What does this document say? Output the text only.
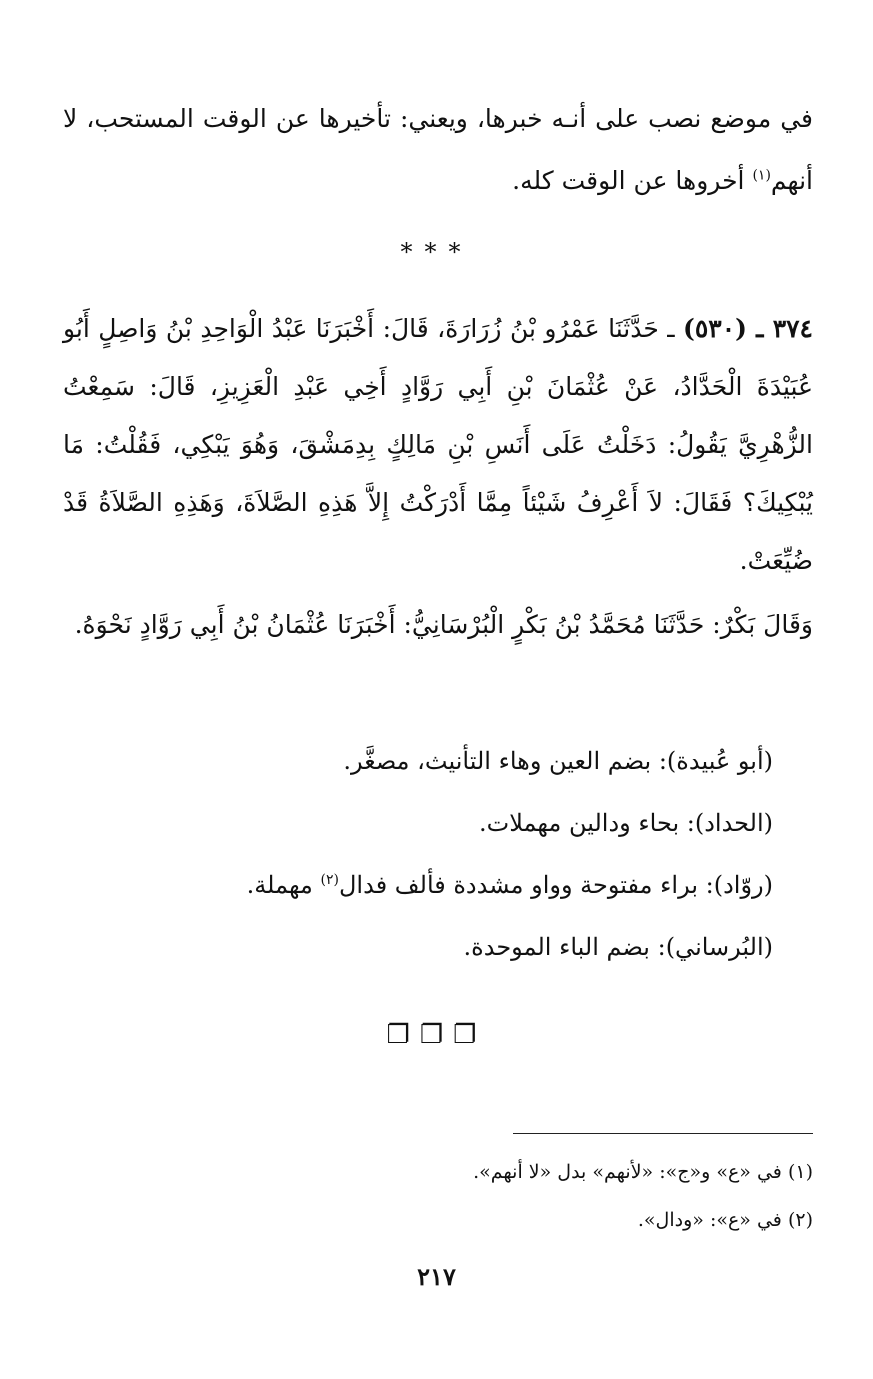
في موضع نصب على أنـه خبرها، ويعني: تأخيرها عن الوقت المستحب، لا أنهم$^{(١)}$ أخروها عن الوقت كله.

***

٣٧٤ ـ (٥٣٠) ـ حَدَّثَنَا عَمْرُو بْنُ زُرَارَةَ، قَالَ: أَخْبَرَنَا عَبْدُ الْوَاحِدِ بْنُ وَاصِلٍ أَبُو عُبَيْدَةَ الْحَدَّادُ، عَنْ عُثْمَانَ بْنِ أَبِي رَوَّادٍ أَخِي عَبْدِ الْعَزِيزِ، قَالَ: سَمِعْتُ الزُّهْرِيَّ يَقُولُ: دَخَلْتُ عَلَى أَنَسِ بْنِ مَالِكٍ بِدِمَشْقَ، وَهُوَ يَبْكِي، فَقُلْتُ: مَا يُبْكِيكَ؟ فَقَالَ: لاَ أَعْرِفُ شَيْئاً مِمَّا أَدْرَكْتُ إِلاَّ هَذِهِ الصَّلاَةَ، وَهَذِهِ الصَّلاَةُ قَدْ ضُيِّعَتْ.

وَقَالَ بَكْرٌ: حَدَّثَنَا مُحَمَّدُ بْنُ بَكْرٍ الْبُرْسَانِيُّ: أَخْبَرَنَا عُثْمَانُ بْنُ أَبِي رَوَّادٍ نَحْوَهُ.

(أبو عُبيدة): بضم العين وهاء التأنيث، مصغَّر.

(الحداد): بحاء ودالين مهملات.

(روّاد): براء مفتوحة وواو مشددة فألف فدال$^{(٢)}$ مهملة.

(البُرساني): بضم الباء الموحدة.

❐❐❐

(١) في «ع» و«ج»: «لأنهم» بدل «لا أنهم».

(٢) في «ع»: «ودال».

٢١٧
